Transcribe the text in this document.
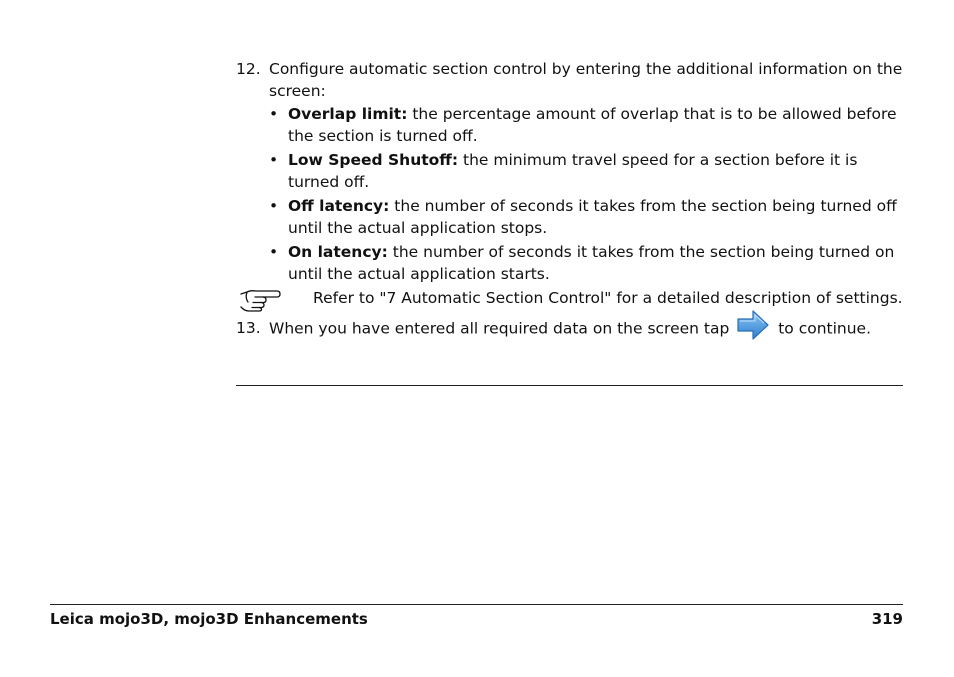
12. Configure automatic section control by entering the additional information on the screen:
• Overlap limit: the percentage amount of overlap that is to be allowed before the section is turned off.
• Low Speed Shutoff: the minimum travel speed for a section before it is turned off.
• Off latency: the number of seconds it takes from the section being turned off until the actual application stops.
• On latency: the number of seconds it takes from the section being turned on until the actual application starts.
Refer to "7 Automatic Section Control" for a detailed description of settings.
13. When you have entered all required data on the screen tap	to continue.
Leica mojo3D, mojo3D Enhancements	319
